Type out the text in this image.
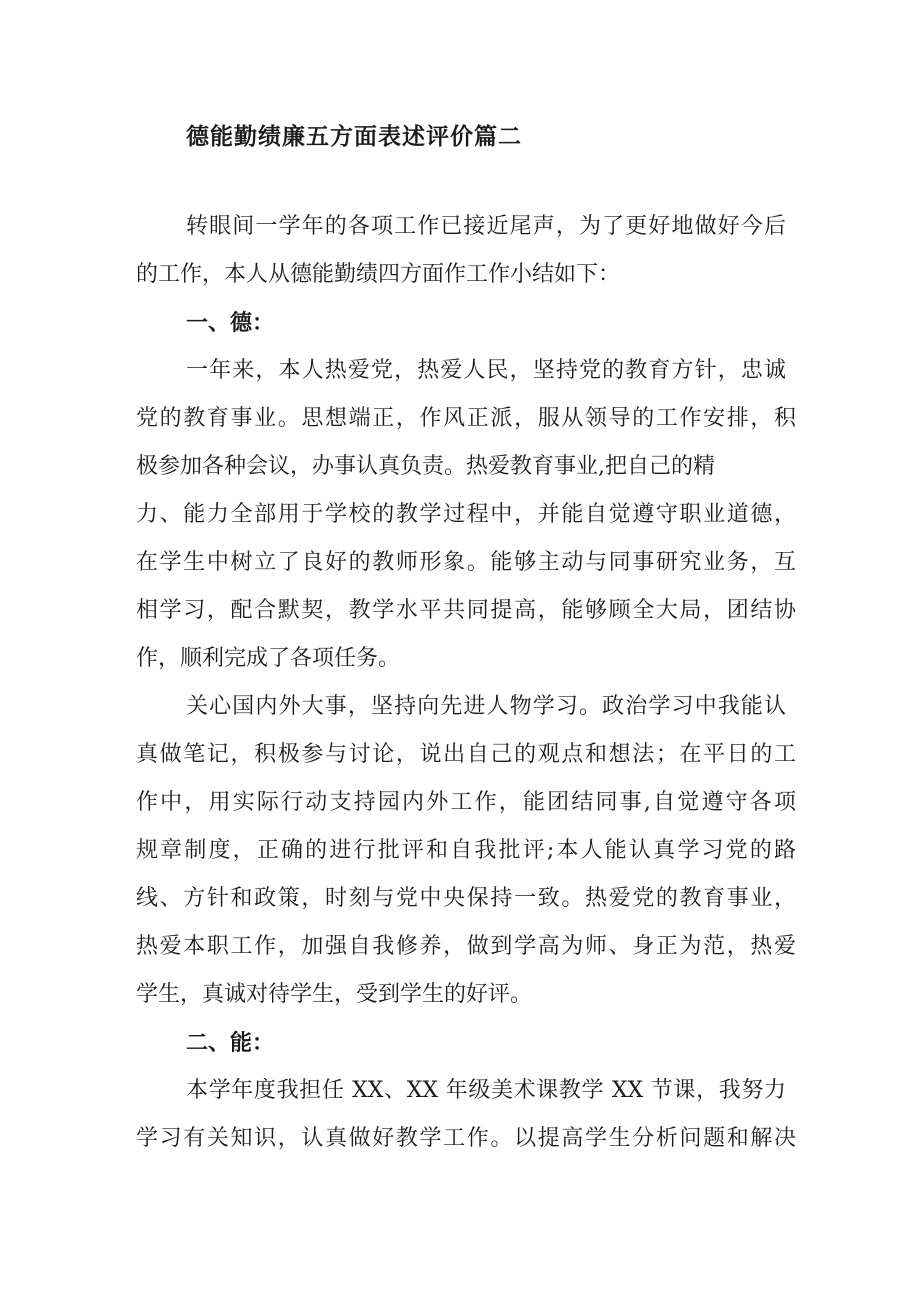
德能勤绩廉五方面表述评价篇二
转眼间一学年的各项工作已接近尾声，为了更好地做好今后
的工作，本人从德能勤绩四方面作工作小结如下：
一、德：
一年来，本人热爱党，热爱人民，坚持党的教育方针，忠诚
党的教育事业。思想端正，作风正派，服从领导的工作安排，积
极参加各种会议，办事认真负责。热爱教育事业,把自己的精
力、能力全部用于学校的教学过程中，并能自觉遵守职业道德，
在学生中树立了良好的教师形象。能够主动与同事研究业务，互
相学习，配合默契，教学水平共同提高，能够顾全大局，团结协
作，顺利完成了各项任务。
关心国内外大事，坚持向先进人物学习。政治学习中我能认
真做笔记，积极参与讨论，说出自己的观点和想法；在平日的工
作中，用实际行动支持园内外工作，能团结同事,自觉遵守各项
规章制度，正确的进行批评和自我批评;本人能认真学习党的路
线、方针和政策，时刻与党中央保持一致。热爱党的教育事业，
热爱本职工作，加强自我修养，做到学高为师、身正为范，热爱
学生，真诚对待学生，受到学生的好评。
二、能：
本学年度我担任 XX、XX 年级美术课教学 XX 节课，我努力
学习有关知识，认真做好教学工作。以提高学生分析问题和解决
